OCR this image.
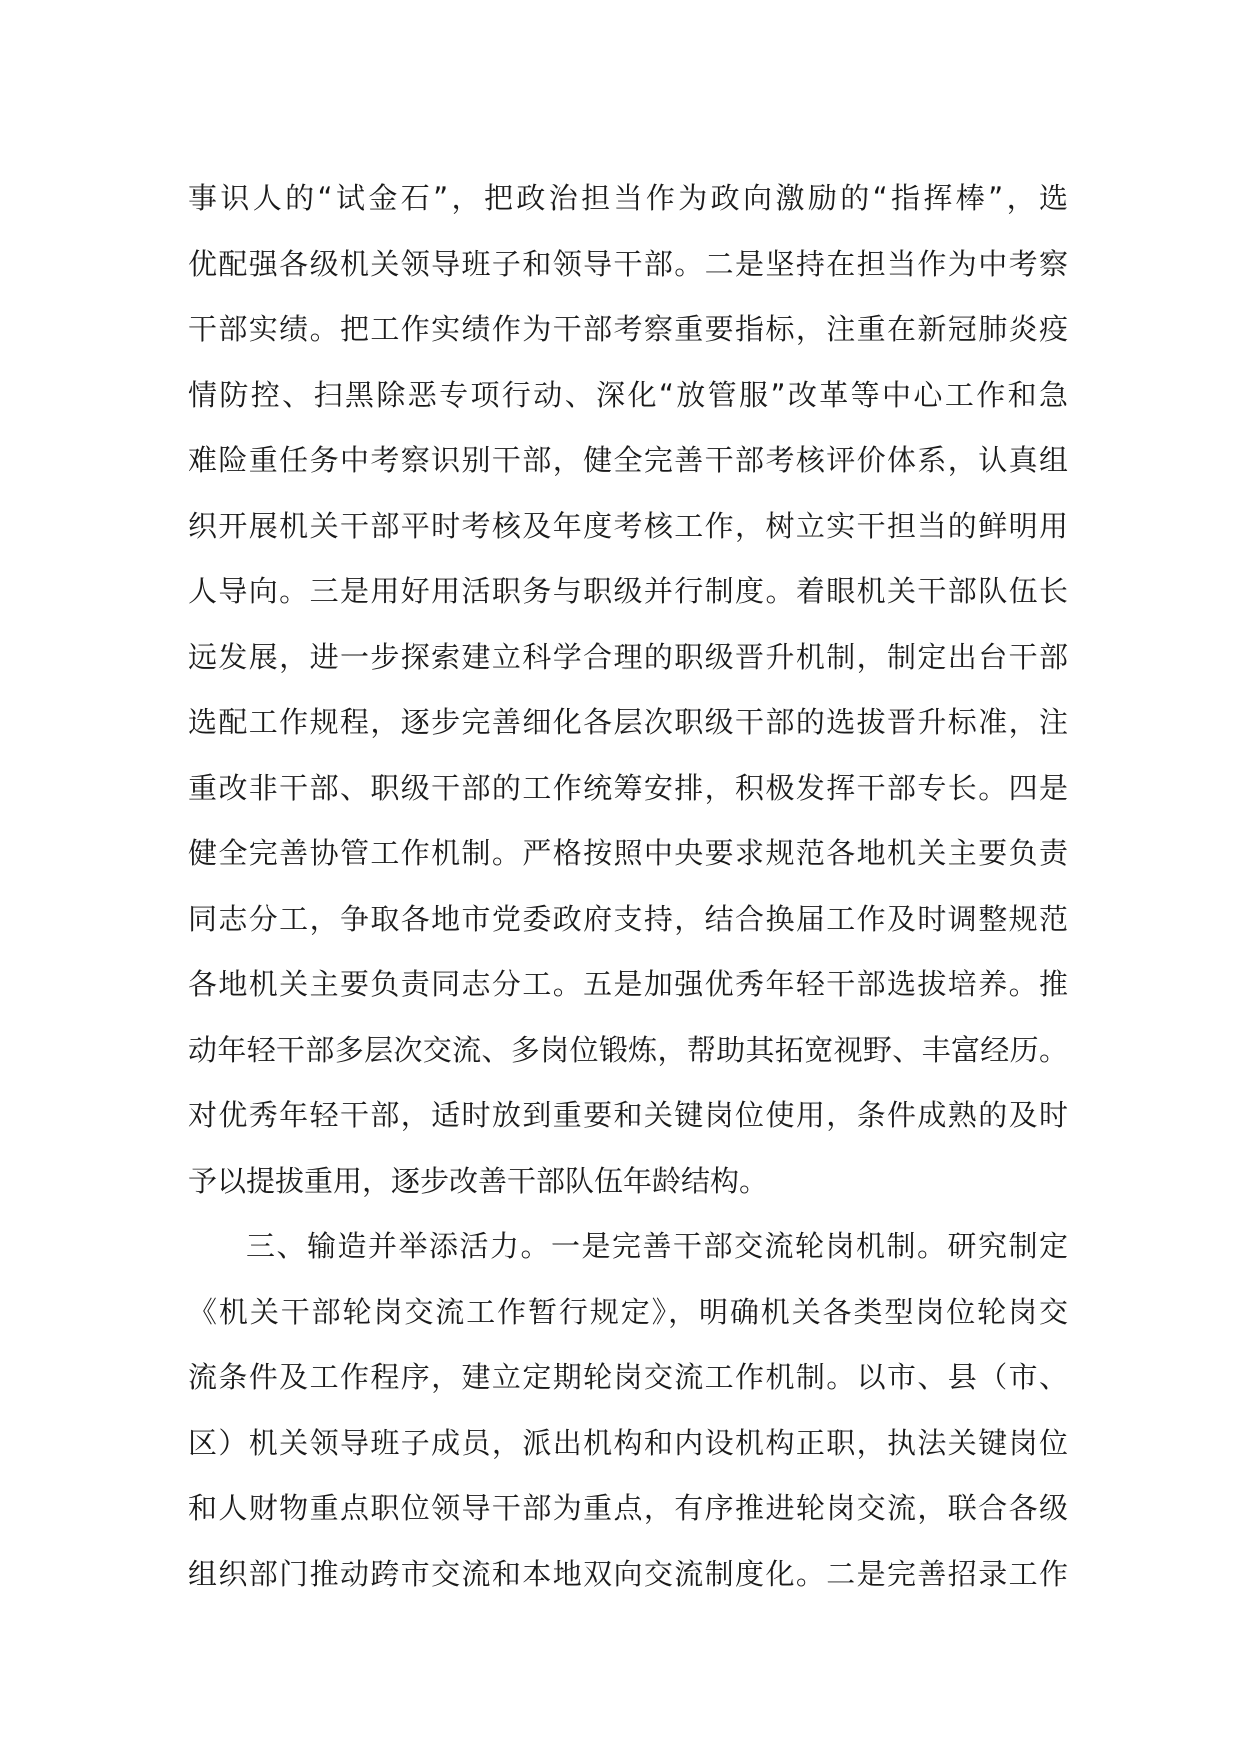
事识人的“试金石”，把政治担当作为政向激励的“指挥棒”，选
优配强各级机关领导班子和领导干部。二是坚持在担当作为中考察
干部实绩。把工作实绩作为干部考察重要指标，注重在新冠肺炎疫
情防控、扫黑除恶专项行动、深化“放管服”改革等中心工作和急
难险重任务中考察识别干部，健全完善干部考核评价体系，认真组
织开展机关干部平时考核及年度考核工作，树立实干担当的鲜明用
人导向。三是用好用活职务与职级并行制度。着眼机关干部队伍长
远发展，进一步探索建立科学合理的职级晋升机制，制定出台干部
选配工作规程，逐步完善细化各层次职级干部的选拔晋升标准，注
重改非干部、职级干部的工作统筹安排，积极发挥干部专长。四是
健全完善协管工作机制。严格按照中央要求规范各地机关主要负责
同志分工，争取各地市党委政府支持，结合换届工作及时调整规范
各地机关主要负责同志分工。五是加强优秀年轻干部选拔培养。推
动年轻干部多层次交流、多岗位锻炼，帮助其拓宽视野、丰富经历。
对优秀年轻干部，适时放到重要和关键岗位使用，条件成熟的及时
予以提拔重用，逐步改善干部队伍年龄结构。
三、输造并举添活力。一是完善干部交流轮岗机制。研究制定
《机关干部轮岗交流工作暂行规定》，明确机关各类型岗位轮岗交
流条件及工作程序，建立定期轮岗交流工作机制。以市、县（市、
区）机关领导班子成员，派出机构和内设机构正职，执法关键岗位
和人财物重点职位领导干部为重点，有序推进轮岗交流，联合各级
组织部门推动跨市交流和本地双向交流制度化。二是完善招录工作
